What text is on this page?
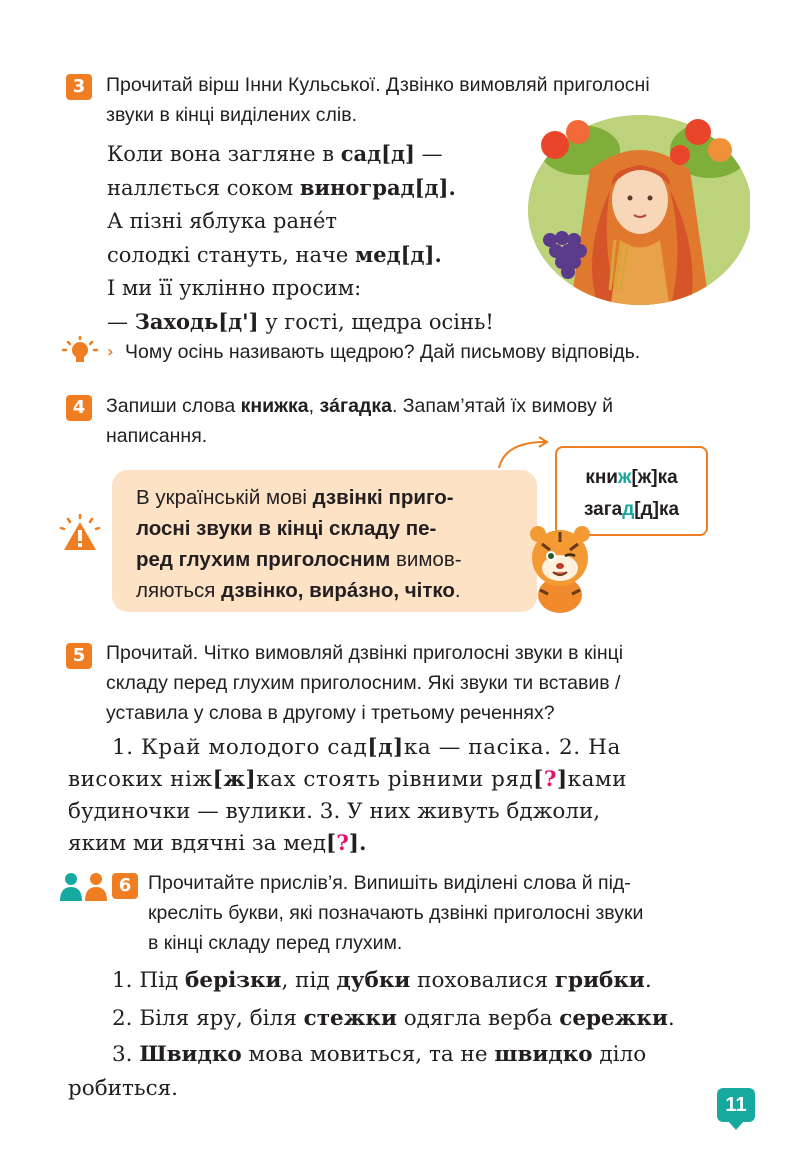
3	Прочитай вірш Інни Кульської. Дзвінко вимовляй приголосні
звуки в кінці виділених слів.
Коли вона загляне в сад[д] —
наллється соком виноград[д].
А пізні яблука ранéт
солодкі стануть, наче мед[д].
І ми її уклінно просим:
— Заходь[д'] у гості, щедра осінь!
› Чому осінь називають щедрою? Дай письмову відповідь.
4	Запиши слова книжка, зáгадка. Запам’ятай їх вимову й
написання.
В українській мові дзвінкі приго-
лосні звуки в кінці складу пе-
ред глухим приголосним вимов-
ляються дзвінко, вирáзно, чітко.
книж[ж]ка
загад[д]ка
5	Прочитай. Чітко вимовляй дзвінкі приголосні звуки в кінці
складу перед глухим приголосним. Які звуки ти вставив /
уставила у слова в другому і третьому реченнях?
1. Край молодого сад[д]ка — пасіка. 2. На
високих ніж[ж]ках стоять рівними ряд[?]ками
будиночки — вулики. 3. У них живуть бджоли,
яким ми вдячні за мед[?].
6 Прочитайте прислів’я. Випишіть виділені слова й під-
кресліть букви, які позначають дзвінкі приголосні звуки
в кінці складу перед глухим.
1. Під берізки, під дубки поховалися грибки.
2. Біля яру, біля стежки одягла верба сережки.
3. Швидко мова мовиться, та не швидко діло
робиться.
11
